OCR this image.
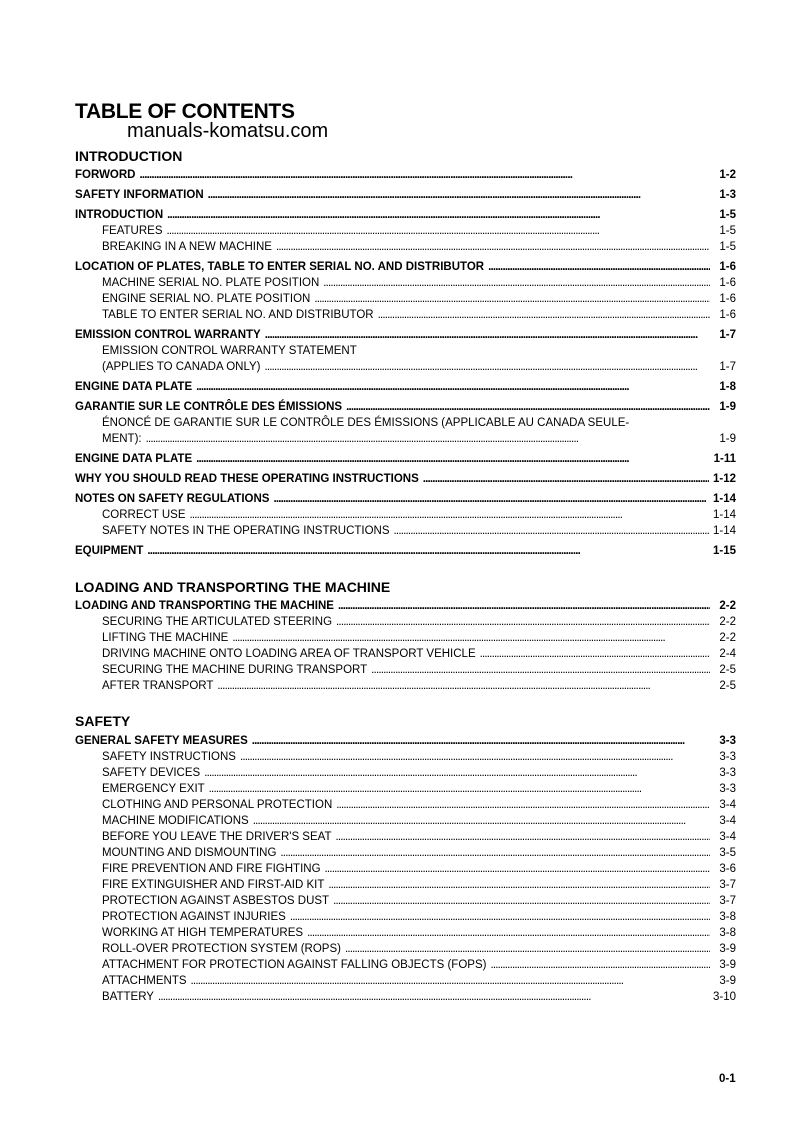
TABLE OF CONTENTS
manuals-komatsu.com
INTRODUCTION
FORWORD . . .	1-2
SAFETY INFORMATION . . .	1-3
INTRODUCTION . . .	1-5
FEATURES . . .	1-5
BREAKING IN A NEW MACHINE . . .	1-5
LOCATION OF PLATES, TABLE TO ENTER SERIAL NO. AND DISTRIBUTOR . . .	1-6
MACHINE SERIAL NO. PLATE POSITION . . .	1-6
ENGINE SERIAL NO. PLATE POSITION . . .	1-6
TABLE TO ENTER SERIAL NO. AND DISTRIBUTOR . . .	1-6
EMISSION CONTROL WARRANTY . . .	1-7
EMISSION CONTROL WARRANTY STATEMENT
(APPLIES TO CANADA ONLY) . . .	1-7
ENGINE DATA PLATE . . .	1-8
GARANTIE SUR LE CONTRÔLE DES ÉMISSIONS . . .	1-9
ÉNONCÉ DE GARANTIE SUR LE CONTRÔLE DES ÉMISSIONS (APPLICABLE AU CANADA SEULE-
MENT): . . .	1-9
ENGINE DATA PLATE . . .	1-11
WHY YOU SHOULD READ THESE OPERATING INSTRUCTIONS . . .	1-12
NOTES ON SAFETY REGULATIONS . . .	1-14
CORRECT USE . . .	1-14
SAFETY NOTES IN THE OPERATING INSTRUCTIONS . . .	1-14
EQUIPMENT . . .	1-15
LOADING AND TRANSPORTING THE MACHINE
LOADING AND TRANSPORTING THE MACHINE . . .	2-2
SECURING THE ARTICULATED STEERING . . .	2-2
LIFTING THE MACHINE . . .	2-2
DRIVING MACHINE ONTO LOADING AREA OF TRANSPORT VEHICLE . . .	2-4
SECURING THE MACHINE DURING TRANSPORT . . .	2-5
AFTER TRANSPORT . . .	2-5
SAFETY
GENERAL SAFETY MEASURES . . .	3-3
SAFETY INSTRUCTIONS . . .	3-3
SAFETY DEVICES . . .	3-3
EMERGENCY EXIT . . .	3-3
CLOTHING AND PERSONAL PROTECTION . . .	3-4
MACHINE MODIFICATIONS . . .	3-4
BEFORE YOU LEAVE THE DRIVER'S SEAT . . .	3-4
MOUNTING AND DISMOUNTING . . .	3-5
FIRE PREVENTION AND FIRE FIGHTING . . .	3-6
FIRE EXTINGUISHER AND FIRST-AID KIT . . .	3-7
PROTECTION AGAINST ASBESTOS DUST . . .	3-7
PROTECTION AGAINST INJURIES . . .	3-8
WORKING AT HIGH TEMPERATURES . . .	3-8
ROLL-OVER PROTECTION SYSTEM (ROPS) . . .	3-9
ATTACHMENT FOR PROTECTION AGAINST FALLING OBJECTS (FOPS) . . .	3-9
ATTACHMENTS . . .	3-9
BATTERY . . .	3-10
0-1
